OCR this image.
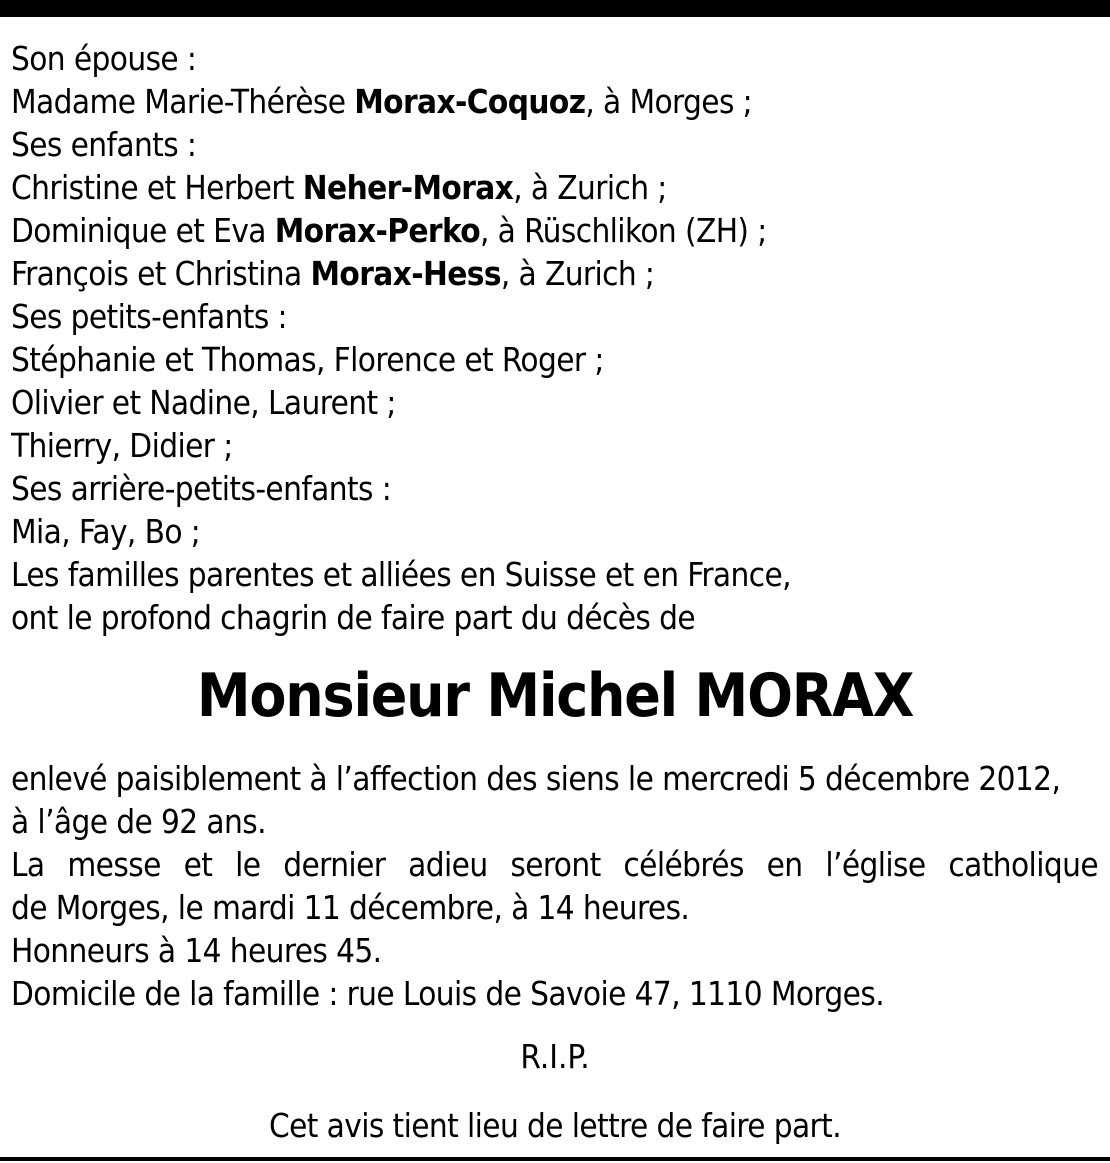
Son épouse :
Madame Marie-Thérèse Morax-Coquoz, à Morges ;
Ses enfants :
Christine et Herbert Neher-Morax, à Zurich ;
Dominique et Eva Morax-Perko, à Rüschlikon (ZH) ;
François et Christina Morax-Hess, à Zurich ;
Ses petits-enfants :
Stéphanie et Thomas, Florence et Roger ;
Olivier et Nadine, Laurent ;
Thierry, Didier ;
Ses arrière-petits-enfants :
Mia, Fay, Bo ;
Les familles parentes et alliées en Suisse et en France,
ont le profond chagrin de faire part du décès de
Monsieur Michel MORAX
enlevé paisiblement à l’affection des siens le mercredi 5 décembre 2012,
à l’âge de 92 ans.
La messe et le dernier adieu seront célébrés en l’église catholique
de Morges, le mardi 11 décembre, à 14 heures.
Honneurs à 14 heures 45.
Domicile de la famille : rue Louis de Savoie 47, 1110 Morges.
R.I.P.
Cet avis tient lieu de lettre de faire part.
